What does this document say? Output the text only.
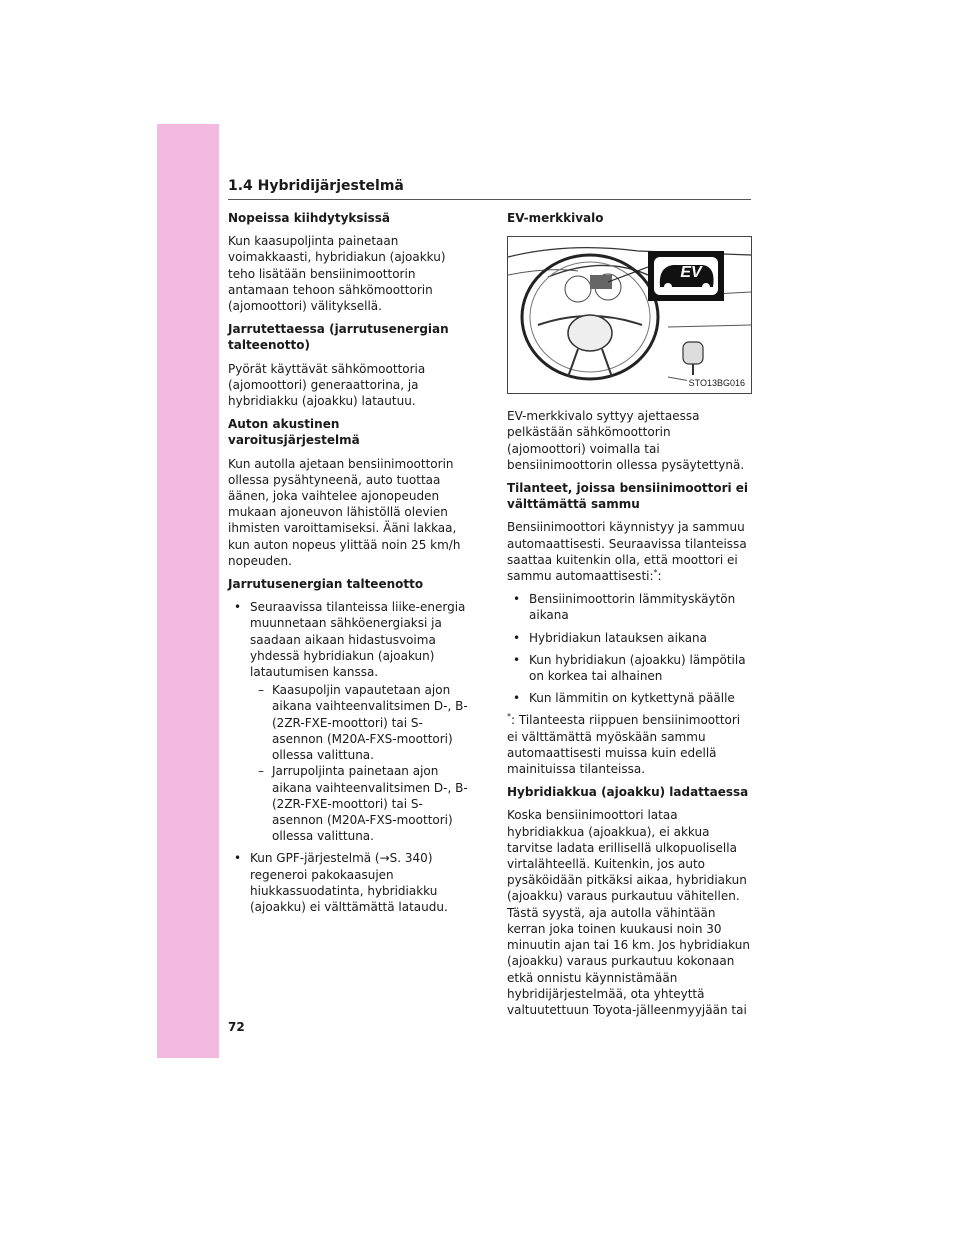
1.4 Hybridijärjestelmä
Nopeissa kiihdytyksissä

Kun kaasupoljinta painetaan voimakkaasti, hybridiakun (ajoakku) teho lisätään bensiinimoottorin antamaan tehoon sähkömoottorin (ajomoottori) välityksellä.

Jarrutettaessa (jarrutusenergian talteenotto)

Pyörät käyttävät sähkömoottoria (ajomoottori) generaattorina, ja hybridiakku (ajoakku) latautuu.

Auton akustinen varoitusjärjestelmä

Kun autolla ajetaan bensiinimoottorin ollessa pysähtyneenä, auto tuottaa äänen, joka vaihtelee ajonopeuden mukaan ajoneuvon lähistöllä olevien ihmisten varoittamiseksi. Ääni lakkaa, kun auton nopeus ylittää noin 25 km/h nopeuden.

Jarrutusenergian talteenotto
• Seuraavissa tilanteissa liike-energia muunnetaan sähköenergiaksi ja saadaan aikaan hidastusvoima yhdessä hybridiakun (ajoakun) latautumisen kanssa.
– Kaasupoljin vapautetaan ajon aikana vaihteenvalitsimen D-, B- (2ZR-FXE-moottori) tai S-asennon (M20A-FXS-moottori) ollessa valittuna.
– Jarrupoljinta painetaan ajon aikana vaihteenvalitsimen D-, B- (2ZR-FXE-moottori) tai S-asennon (M20A-FXS-moottori) ollessa valittuna.
• Kun GPF-järjestelmä (→S. 340) regeneroi pakokaasujen hiukkassuodatinta, hybridiakku (ajoakku) ei välttämättä lataudu.
EV-merkkivalo
EV
STO13BG016

EV-merkkivalo syttyy ajettaessa pelkästään sähkömoottorin (ajomoottori) voimalla tai bensiinimoottorin ollessa pysäytettynä.

Tilanteet, joissa bensiinimoottori ei välttämättä sammu

Bensiinimoottori käynnistyy ja sammuu automaattisesti. Seuraavissa tilanteissa saattaa kuitenkin olla, että moottori ei sammu automaattisesti:*:

• Bensiinimoottorin lämmityskäytön aikana
• Hybridiakun latauksen aikana
• Kun hybridiakun (ajoakku) lämpötila on korkea tai alhainen
• Kun lämmitin on kytkettynä päälle

*: Tilanteesta riippuen bensiinimoottori ei välttämättä myöskään sammu automaattisesti muissa kuin edellä mainituissa tilanteissa.

Hybridiakkua (ajoakku) ladattaessa

Koska bensiinimoottori lataa hybridiakkua (ajoakkua), ei akkua tarvitse ladata erillisellä ulkopuolisella virtalähteellä. Kuitenkin, jos auto pysäköidään pitkäksi aikaa, hybridiakun (ajoakku) varaus purkautuu vähitellen. Tästä syystä, aja autolla vähintään kerran joka toinen kuukausi noin 30 minuutin ajan tai 16 km. Jos hybridiakun (ajoakku) varaus purkautuu kokonaan etkä onnistu käynnistämään hybridijärjestelmää, ota yhteyttä valtuutettuun Toyota-jälleenmyyjään tai

72
